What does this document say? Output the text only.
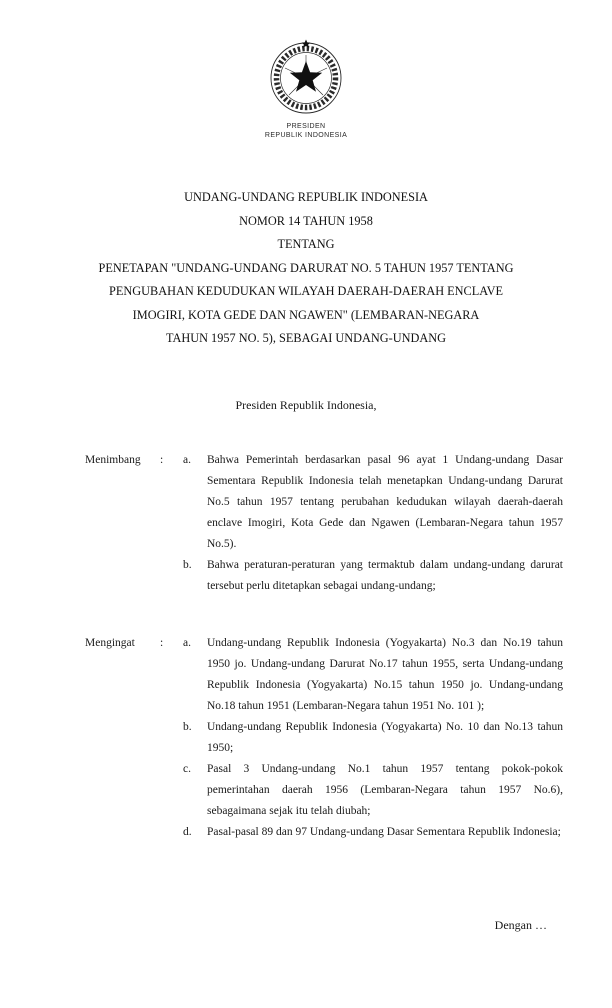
PRESIDEN
REPUBLIK INDONESIA
UNDANG-UNDANG REPUBLIK INDONESIA
NOMOR 14 TAHUN 1958
TENTANG
PENETAPAN "UNDANG-UNDANG DARURAT NO. 5 TAHUN 1957 TENTANG
PENGUBAHAN KEDUDUKAN WILAYAH DAERAH-DAERAH ENCLAVE
IMOGIRI, KOTA GEDE DAN NGAWEN" (LEMBARAN-NEGARA
TAHUN 1957 NO. 5), SEBAGAI UNDANG-UNDANG
Presiden Republik Indonesia,
Menimbang	:	a.	Bahwa Pemerintah berdasarkan pasal 96 ayat 1 Undang-undang Dasar Sementara Republik Indonesia telah menetapkan Undang-undang Darurat No.5 tahun 1957 tentang perubahan kedudukan wilayah daerah-daerah enclave Imogiri, Kota Gede dan Ngawen (Lembaran-Negara tahun 1957 No.5).
b.	Bahwa peraturan-peraturan yang termaktub dalam undang-undang darurat tersebut perlu ditetapkan sebagai undang-undang;
Mengingat	:	a.	Undang-undang Republik Indonesia (Yogyakarta) No.3 dan No.19 tahun 1950 jo. Undang-undang Darurat No.17 tahun 1955, serta Undang-undang Republik Indonesia (Yogyakarta) No.15 tahun 1950 jo. Undang-undang No.18 tahun 1951 (Lembaran-Negara tahun 1951 No. 101 );
b.	Undang-undang Republik Indonesia (Yogyakarta) No. 10 dan No.13 tahun 1950;
c.	Pasal 3 Undang-undang No.1 tahun 1957 tentang pokok-pokok pemerintahan daerah 1956 (Lembaran-Negara tahun 1957 No.6), sebagaimana sejak itu telah diubah;
d.	Pasal-pasal 89 dan 97 Undang-undang Dasar Sementara Republik Indonesia;
Dengan …
